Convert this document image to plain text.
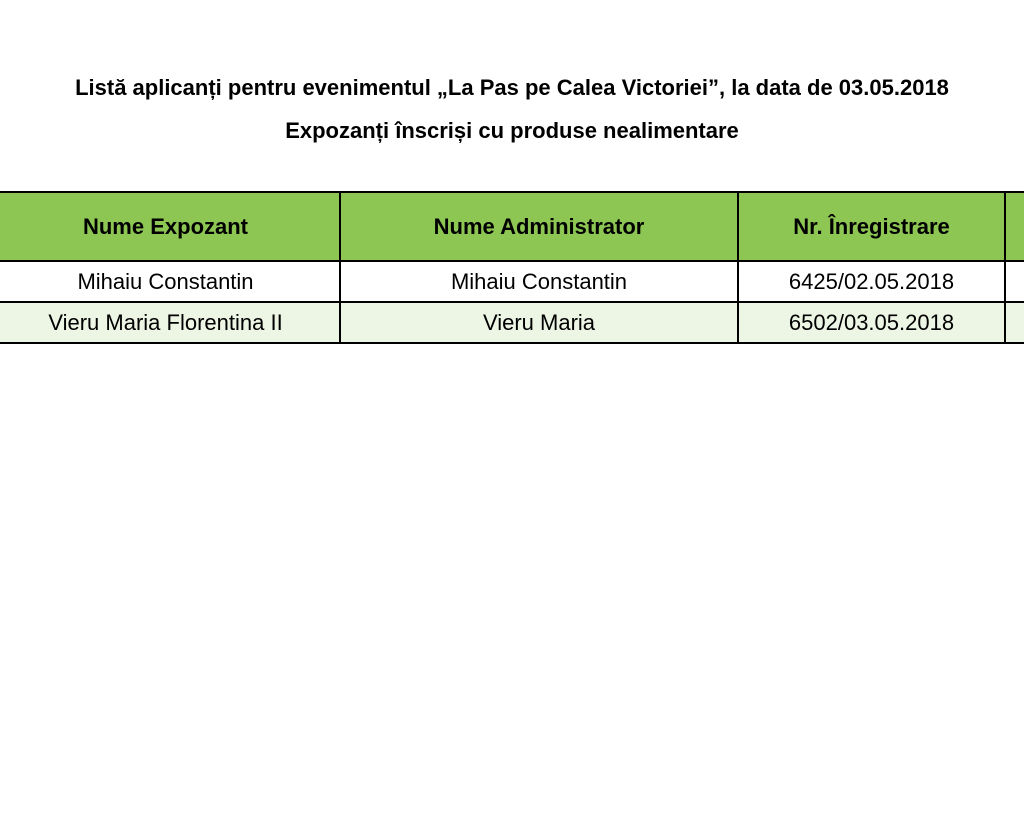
Listă aplicanți pentru evenimentul „La Pas pe Calea Victoriei”, la data de 03.05.2018
Expozanți înscriși cu produse nealimentare
Nume Expozant	Nume Administrator	Nr. Înregistrare	
Mihaiu Constantin	Mihaiu Constantin	6425/02.05.2018	
Vieru Maria Florentina II	Vieru Maria	6502/03.05.2018	
